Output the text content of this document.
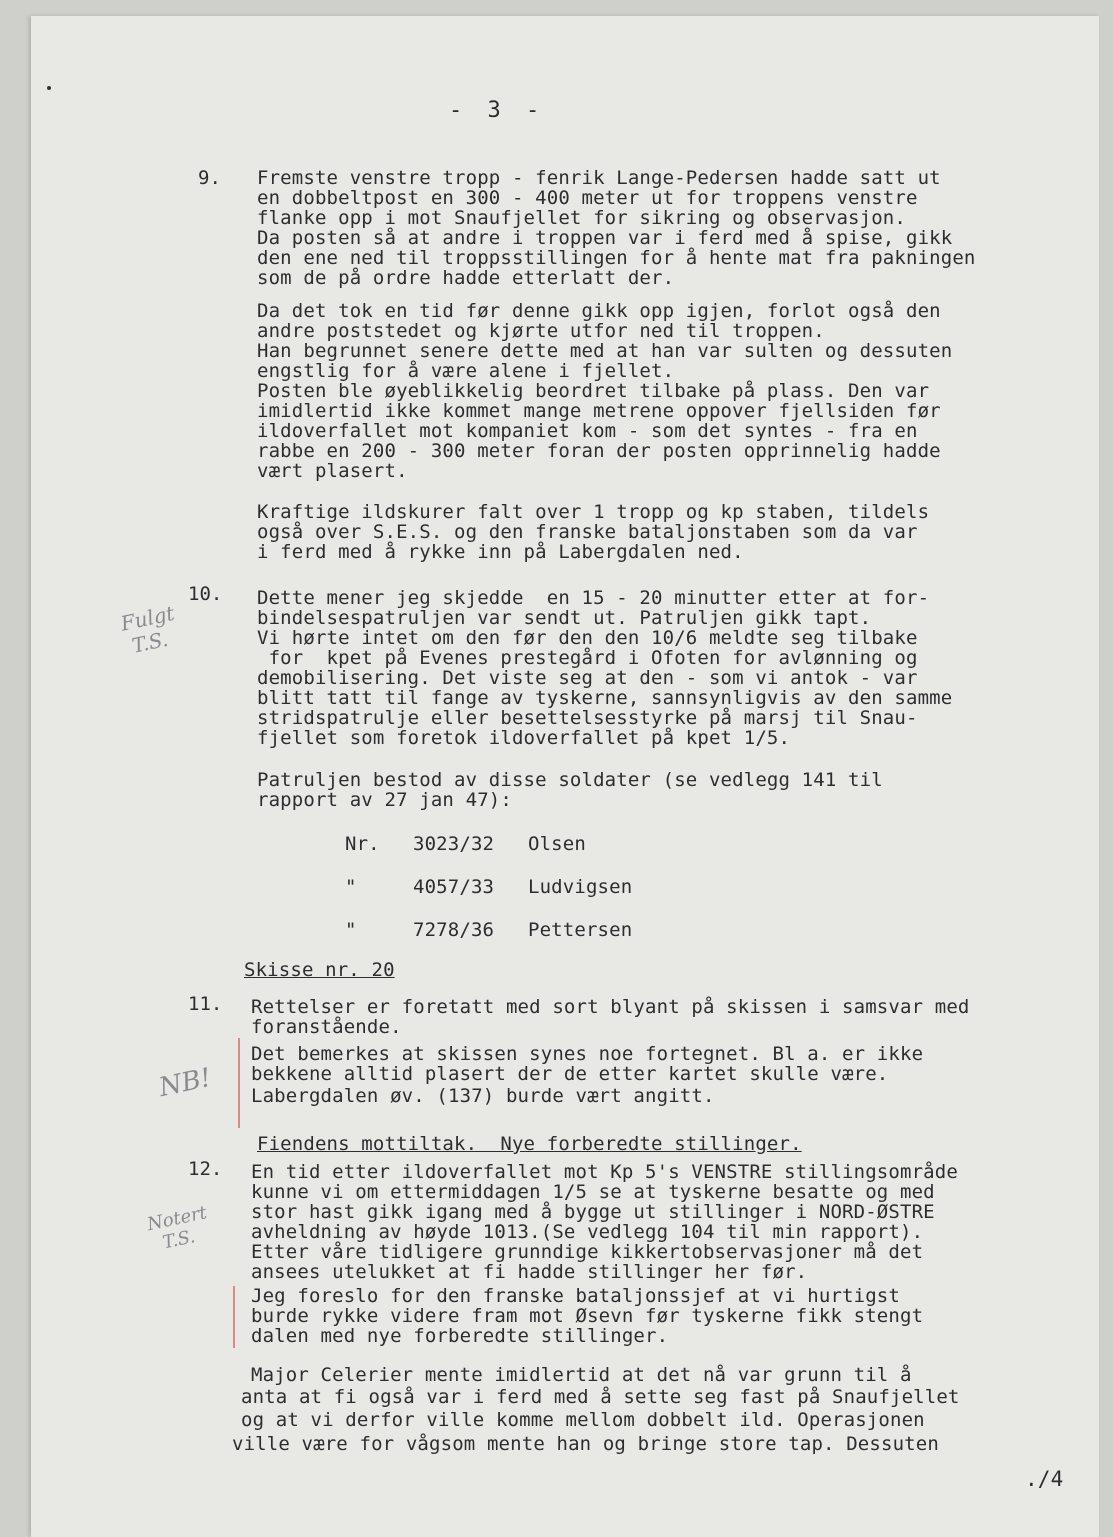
- 3 -
9. Fremste venstre tropp - fenrik Lange-Pedersen hadde satt ut
en dobbeltpost en 300 - 400 meter ut for troppens venstre
flanke opp i mot Snaufjellet for sikring og observasjon.
Da posten så at andre i troppen var i ferd med å spise, gikk
den ene ned til troppsstillingen for å hente mat fra pakningen
som de på ordre hadde etterlatt der.
Da det tok en tid før denne gikk opp igjen, forlot også den
andre poststedet og kjørte utfor ned til troppen.
Han begrunnet senere dette med at han var sulten og dessuten
engstlig for å være alene i fjellet.
Posten ble øyeblikkelig beordret tilbake på plass. Den var
imidlertid ikke kommet mange metrene oppover fjellsiden før
ildoverfallet mot kompaniet kom - som det syntes - fra en
rabbe en 200 - 300 meter foran der posten opprinnelig hadde
vært plasert.
Kraftige ildskurer falt over 1 tropp og kp staben, tildels
også over S.E.S. og den franske bataljonstaben som da var
i ferd med å rykke inn på Labergdalen ned.
Fulgt
T.S.
10. Dette mener jeg skjedde  en 15 - 20 minutter etter at for-
bindelsespatruljen var sendt ut. Patruljen gikk tapt.
Vi hørte intet om den før den den 10/6 meldte seg tilbake
for  kpet på Evenes prestegård i Ofoten for avlønning og
demobilisering. Det viste seg at den - som vi antok - var
blitt tatt til fange av tyskerne, sannsynligvis av den samme
stridspatrulje eller besettelsesstyrke på marsj til Snau-
fjellet som foretok ildoverfallet på kpet 1/5.
Patruljen bestod av disse soldater (se vedlegg 141 til
rapport av 27 jan 47):
Nr. 3023/32 Olsen
"	4057/33 Ludvigsen
"	7278/36 Pettersen
Skisse nr. 20
11. Rettelser er foretatt med sort blyant på skissen i samsvar med
foranstående.
NB!
Det bemerkes at skissen synes noe fortegnet. Bl a. er ikke
bekkene alltid plasert der de etter kartet skulle være.
Labergdalen øv. (137) burde vært angitt.
Fiendens mottiltak.  Nye forberedte stillinger.
Notert
T.S.
12. En tid etter ildoverfallet mot Kp 5's VENSTRE stillingsområde
kunne vi om ettermiddagen 1/5 se at tyskerne besatte og med
stor hast gikk igang med å bygge ut stillinger i NORD-ØSTRE
avheldning av høyde 1013.(Se vedlegg 104 til min rapport).
Etter våre tidligere grunndige kikkertobservasjoner må det
ansees utelukket at fi hadde stillinger her før.
Jeg foreslo for den franske bataljonssjef at vi hurtigst
burde rykke videre fram mot Øsevn før tyskerne fikk stengt
dalen med nye forberedte stillinger.
Major Celerier mente imidlertid at det nå var grunn til å
anta at fi også var i ferd med å sette seg fast på Snaufjellet
og at vi derfor ville komme mellom dobbelt ild. Operasjonen
ville være for vågsom mente han og bringe store tap. Dessuten
./4
